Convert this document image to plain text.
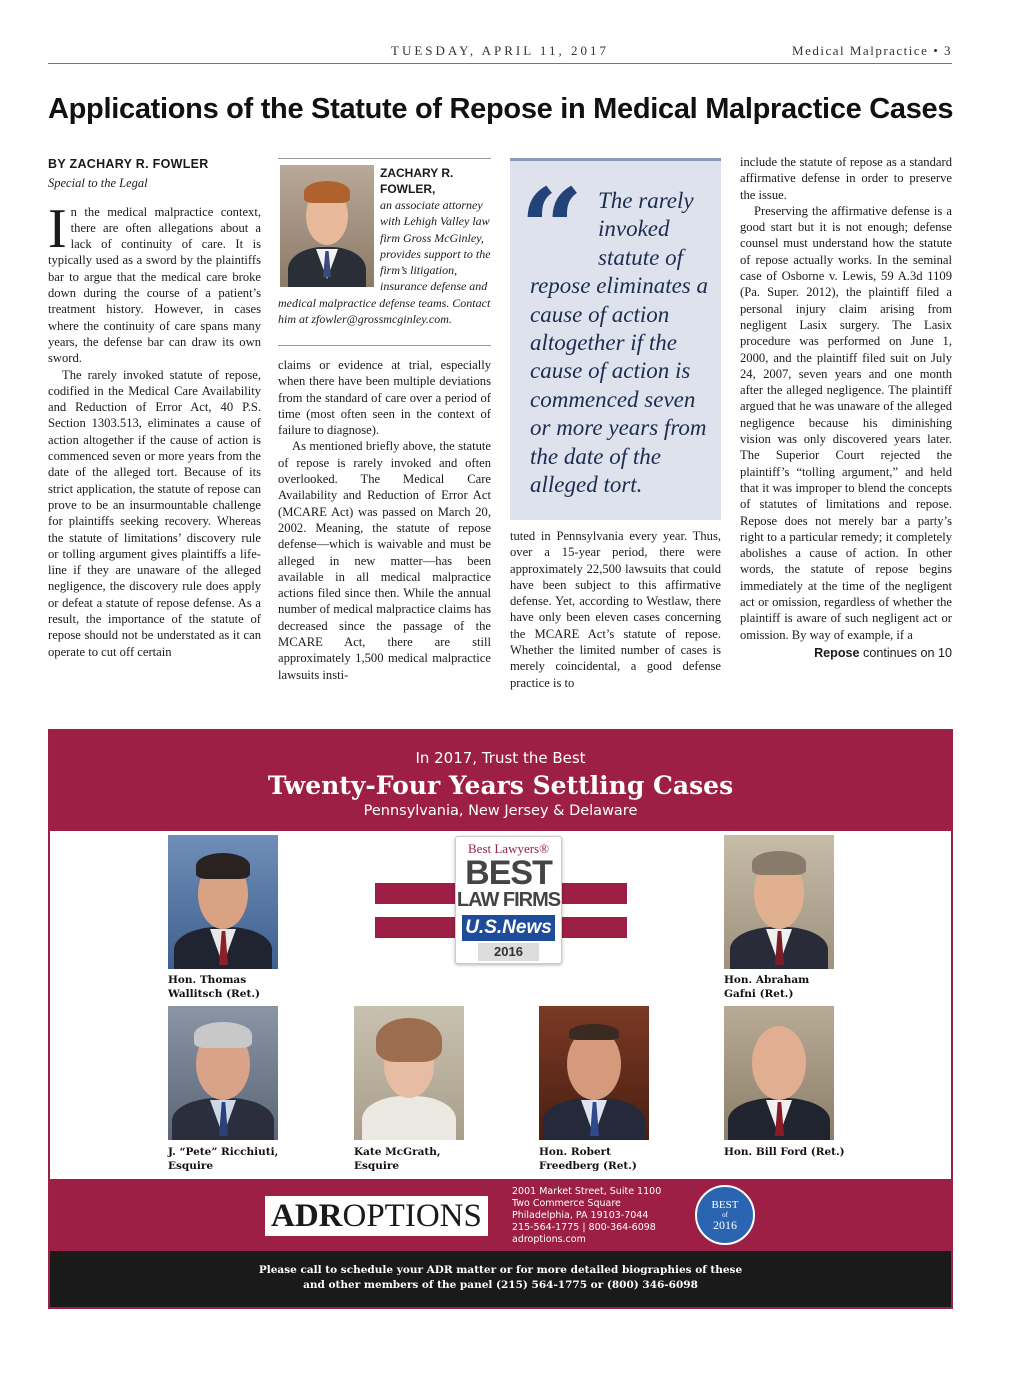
TUESDAY, APRIL 11, 2017	Medical Malpractice • 3
Applications of the Statute of Repose in Medical Malpractice Cases
BY ZACHARY R. FOWLER
Special to the Legal

In the medical malpractice context, there are often allegations about a lack of continuity of care. It is typically used as a sword by the plaintiffs bar to argue that the medical care broke down during the course of a patient’s treatment history. However, in cases where the continuity of care spans many years, the defense bar can draw its own sword.

The rarely invoked statute of repose, codified in the Medical Care Availability and Reduction of Error Act, 40 P.S. Section 1303.513, eliminates a cause of action altogether if the cause of action is commenced seven or more years from the date of the alleged tort. Because of its strict application, the statute of repose can prove to be an insurmountable challenge for plaintiffs seeking recovery. Whereas the statute of limitations’ discovery rule or tolling argument gives plaintiffs a life-line if they are unaware of the alleged negligence, the discovery rule does apply or defeat a statute of repose defense. As a result, the importance of the statute of repose should not be understated as it can operate to cut off certain

ZACHARY R. FOWLER,
an associate attorney with Lehigh Valley law firm Gross McGinley, provides support to the firm’s litigation, insurance defense and medical malpractice defense teams. Contact him at zfowler@grossmcginley.com.

claims or evidence at trial, especially when there have been multiple deviations from the standard of care over a period of time (most often seen in the context of failure to diagnose).

As mentioned briefly above, the statute of repose is rarely invoked and often overlooked. The Medical Care Availability and Reduction of Error Act (MCARE Act) was passed on March 20, 2002. Meaning, the statute of repose defense—which is waivable and must be alleged in new matter—has been available in all medical malpractice actions filed since then. While the annual number of medical malpractice claims has decreased since the passage of the MCARE Act, there are still approximately 1,500 medical malpractice lawsuits insti-

“ The rarely invoked statute of repose eliminates a cause of action altogether if the cause of action is commenced seven or more years from the date of the alleged tort.

tuted in Pennsylvania every year. Thus, over a 15-year period, there were approximately 22,500 lawsuits that could have been subject to this affirmative defense. Yet, according to Westlaw, there have only been eleven cases concerning the MCARE Act’s statute of repose. Whether the limited number of cases is merely coincidental, a good defense practice is to

include the statute of repose as a standard affirmative defense in order to preserve the issue.

Preserving the affirmative defense is a good start but it is not enough; defense counsel must understand how the statute of repose actually works. In the seminal case of Osborne v. Lewis, 59 A.3d 1109 (Pa. Super. 2012), the plaintiff filed a personal injury claim arising from negligent Lasix surgery. The Lasix procedure was performed on June 1, 2000, and the plaintiff filed suit on July 24, 2007, seven years and one month after the alleged negligence. The plaintiff argued that he was unaware of the alleged negligence because his diminishing vision was only discovered years later. The Superior Court rejected the plaintiff’s “tolling argument,” and held that it was improper to blend the concepts of statutes of limitations and repose. Repose does not merely bar a party’s right to a particular remedy; it completely abolishes a cause of action. In other words, the statute of repose begins immediately at the time of the negligent act or omission, regardless of whether the plaintiff is aware of such negligent act or omission. By way of example, if a

Repose continues on 10
In 2017, Trust the Best
Twenty-Four Years Settling Cases
Pennsylvania, New Jersey & Delaware
Best Lawyers®
BEST
LAW FIRMS
U.S.News
2016
Hon. Thomas
Wallitsch (Ret.)
Hon. Abraham
Gafni (Ret.)
J. “Pete” Ricchiuti,
Esquire
Kate McGrath,
Esquire
Hon. Robert
Freedberg (Ret.)
Hon. Bill Ford (Ret.)

ADROPTIONS
2001 Market Street, Suite 1100
Two Commerce Square
Philadelphia, PA 19103-7044
215-564-1775 | 800-364-6098
adroptions.com
BEST
of
2016
Please call to schedule your ADR matter or for more detailed biographies of these
and other members of the panel (215) 564-1775 or (800) 346-6098
